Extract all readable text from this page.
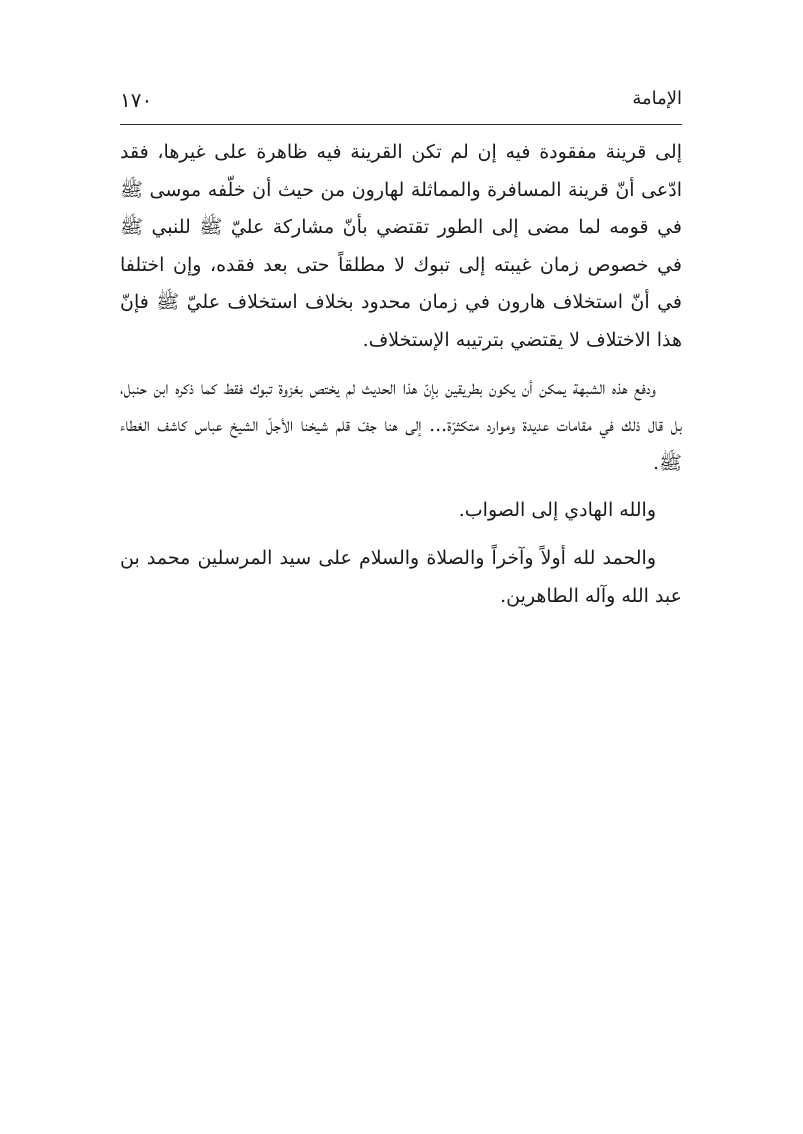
الإمامة
١٧٠

إلى قرينة مفقودة فيه إن لم تكن القرينة فيه ظاهرة على غيرها، فقد ادّعى أنّ قرينة المسافرة والمماثلة لهارون من حيث أن خلّفه موسى ﷺ في قومه لما مضى إلى الطور تقتضي بأنّ مشاركة عليّ ﷺ للنبي ﷺ في خصوص زمان غيبته إلى تبوك لا مطلقاً حتى بعد فقده، وإن اختلفا في أنّ استخلاف هارون في زمان محدود بخلاف استخلاف عليّ ﷺ فإنّ هذا الاختلاف لا يقتضي بترتيبه الإستخلاف.

ودفع هذه الشبهة يمكن أن يكون بطريقين بإنّ هذا الحديث لم يختص بغزوة تبوك فقط كما ذكره ابن حنبل، بل قال ذلك في مقامات عديدة وموارد متكثرّة... إلى هنا جفّ قلم شيخنا الأجلّ الشيخ عباس كاشف الغطاء ﷺ.

والله الهادي إلى الصواب.

والحمد لله أولاً وآخراً والصلاة والسلام على سيد المرسلين محمد بن عبد الله وآله الطاهرين.
